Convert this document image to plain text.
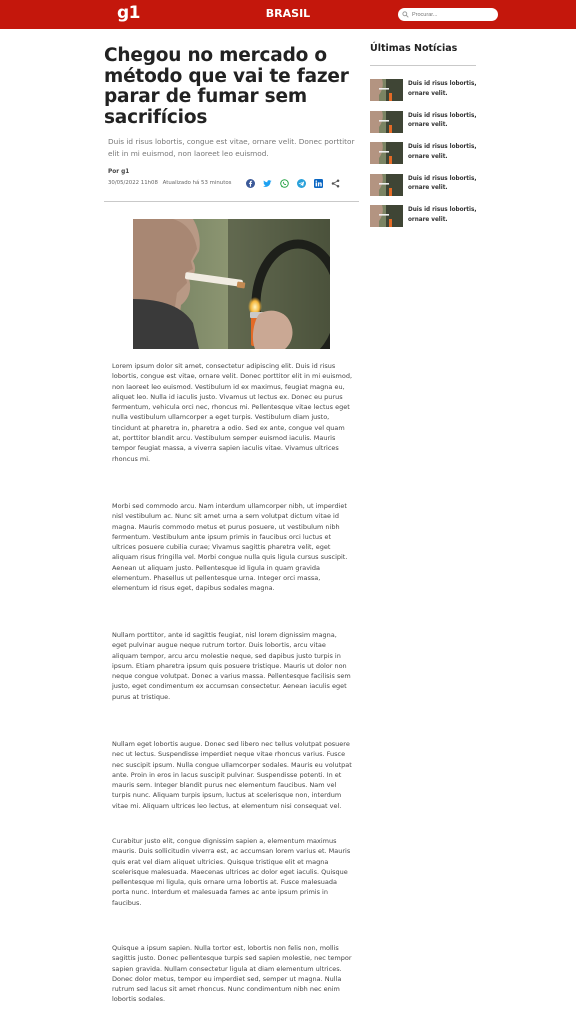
g1	BRASIL
Procurar...
Chegou no mercado o método que vai te fazer parar de fumar sem sacrifícios

Duis id risus lobortis, congue est vitae, ornare velit. Donec porttitor elit in mi euismod, non laoreet leo euismod.

Por g1
30/05/2022 11h08 Atualizado há 53 minutos

Lorem ipsum dolor sit amet, consectetur adipiscing elit. Duis id risus lobortis, congue est vitae, ornare velit. Donec porttitor elit in mi euismod, non laoreet leo euismod. Vestibulum id ex maximus, feugiat magna eu, aliquet leo. Nulla id iaculis justo. Vivamus ut lectus ex. Donec eu purus fermentum, vehicula orci nec, rhoncus mi. Pellentesque vitae lectus eget nulla vestibulum ullamcorper a eget turpis. Vestibulum diam justo, tincidunt at pharetra in, pharetra a odio. Sed ex ante, congue vel quam at, porttitor blandit arcu. Vestibulum semper euismod iaculis. Mauris tempor feugiat massa, a viverra sapien iaculis vitae. Vivamus ultrices rhoncus mi.

Morbi sed commodo arcu. Nam interdum ullamcorper nibh, ut imperdiet nisl vestibulum ac. Nunc sit amet urna a sem volutpat dictum vitae id magna. Mauris commodo metus et purus posuere, ut vestibulum nibh fermentum. Vestibulum ante ipsum primis in faucibus orci luctus et ultrices posuere cubilia curae; Vivamus sagittis pharetra velit, eget aliquam risus fringilla vel. Morbi congue nulla quis ligula cursus suscipit. Aenean ut aliquam justo. Pellentesque id ligula in quam gravida elementum. Phasellus ut pellentesque urna. Integer orci massa, elementum id risus eget, dapibus sodales magna.

Nullam porttitor, ante id sagittis feugiat, nisl lorem dignissim magna, eget pulvinar augue neque rutrum tortor. Duis lobortis, arcu vitae aliquam tempor, arcu arcu molestie neque, sed dapibus justo turpis in ipsum. Etiam pharetra ipsum quis posuere tristique. Mauris ut dolor non neque congue volutpat. Donec a varius massa. Pellentesque facilisis sem justo, eget condimentum ex accumsan consectetur. Aenean iaculis eget purus at tristique.

Nullam eget lobortis augue. Donec sed libero nec tellus volutpat posuere nec ut lectus. Suspendisse imperdiet neque vitae rhoncus varius. Fusce nec suscipit ipsum. Nulla congue ullamcorper sodales. Mauris eu volutpat ante. Proin in eros in lacus suscipit pulvinar. Suspendisse potenti. In et mauris sem. Integer blandit purus nec elementum faucibus. Nam vel turpis nunc. Aliquam turpis ipsum, luctus at scelerisque non, interdum vitae mi. Aliquam ultrices leo lectus, at elementum nisi consequat vel.

Curabitur justo elit, congue dignissim sapien a, elementum maximus mauris. Duis sollicitudin viverra est, ac accumsan lorem varius et. Mauris quis erat vel diam aliquet ultricies. Quisque tristique elit et magna scelerisque malesuada. Maecenas ultrices ac dolor eget iaculis. Quisque pellentesque mi ligula, quis ornare urna lobortis at. Fusce malesuada porta nunc. Interdum et malesuada fames ac ante ipsum primis in faucibus.

Quisque a ipsum sapien. Nulla tortor est, lobortis non felis non, mollis sagittis justo. Donec pellentesque turpis sed sapien molestie, nec tempor sapien gravida. Nullam consectetur ligula at diam elementum ultrices. Donec dolor metus, tempor eu imperdiet sed, semper ut magna. Nulla rutrum sed lacus sit amet rhoncus. Nunc condimentum nibh nec enim lobortis sodales.

Últimas Notícias
Duis id risus lobortis, ornare velit.
Duis id risus lobortis, ornare velit.
Duis id risus lobortis, ornare velit.
Duis id risus lobortis, ornare velit.
Duis id risus lobortis, ornare velit.
